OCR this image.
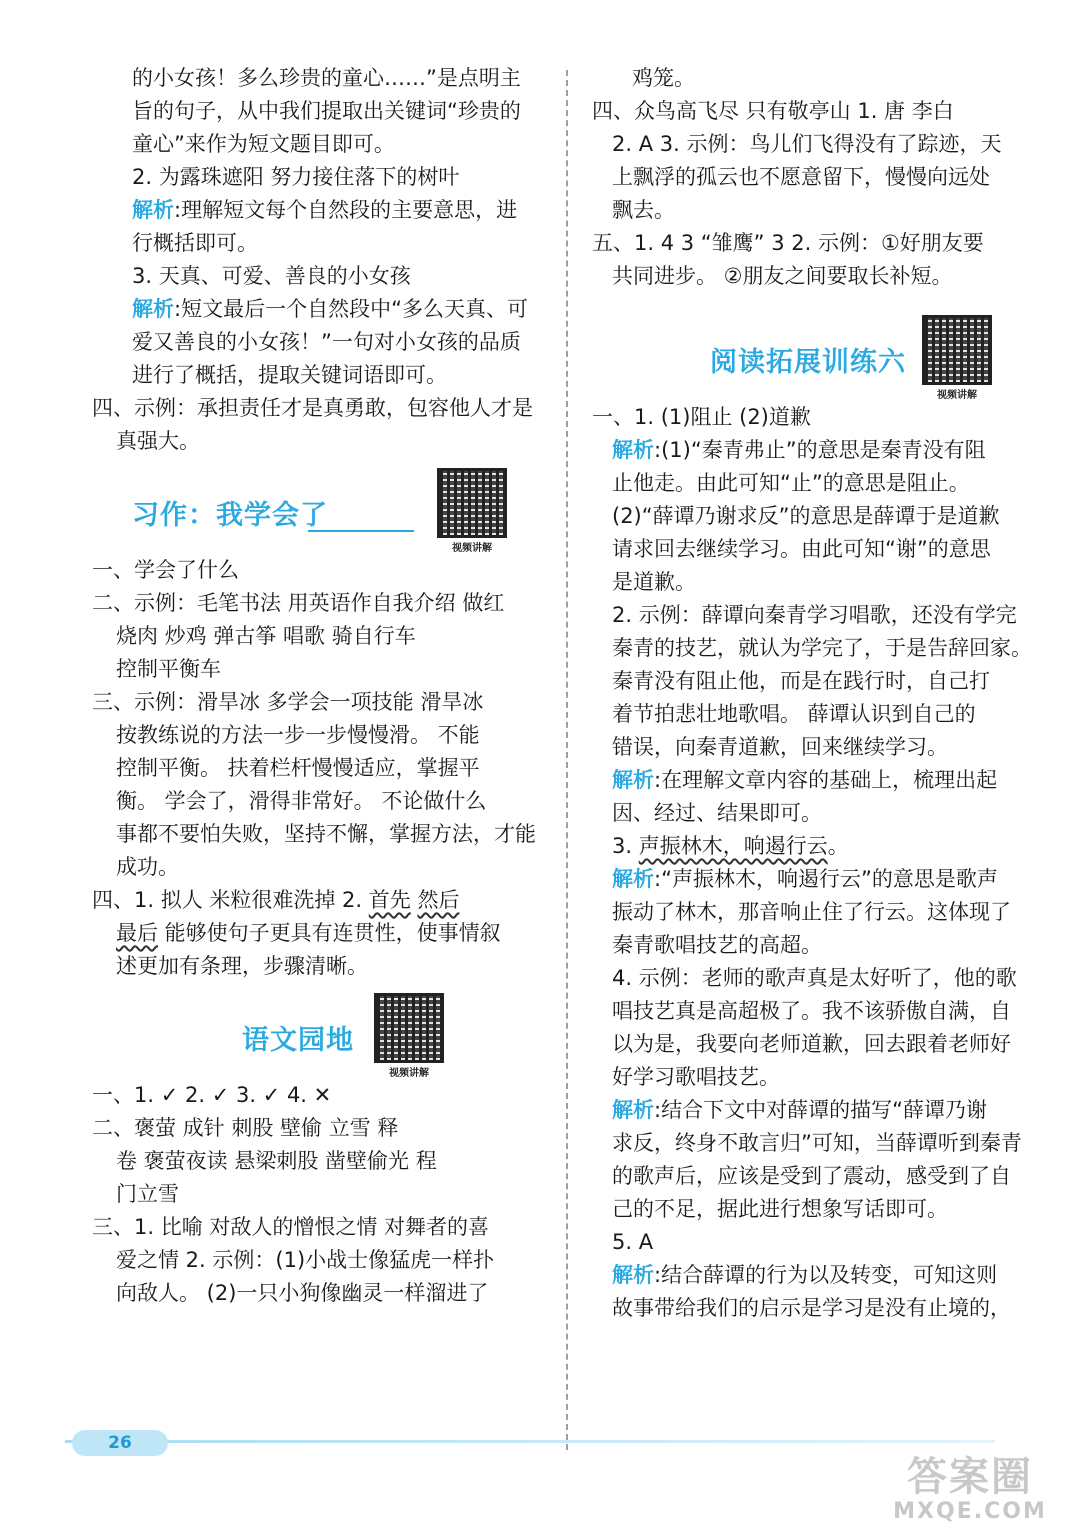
的小女孩！多么珍贵的童心……”是点明主
旨的句子，从中我们提取出关键词“珍贵的
童心”来作为短文题目即可。
2. 为露珠遮阳 努力接住落下的树叶
解析:理解短文每个自然段的主要意思，进
行概括即可。
3. 天真、可爱、善良的小女孩
解析:短文最后一个自然段中“多么天真、可
爱又善良的小女孩！”一句对小女孩的品质
进行了概括，提取关键词语即可。
四、示例：承担责任才是真勇敢，包容他人才是
真强大。
习作：我学会了
视频讲解
一、学会了什么
二、示例：毛笔书法 用英语作自我介绍 做红
烧肉 炒鸡 弹古筝 唱歌 骑自行车
控制平衡车
三、示例：滑旱冰 多学会一项技能 滑旱冰
按教练说的方法一步一步慢慢滑。 不能
控制平衡。 扶着栏杆慢慢适应，掌握平
衡。 学会了，滑得非常好。 不论做什么
事都不要怕失败，坚持不懈，掌握方法，才能
成功。
四、1. 拟人 米粒很难洗掉 2. 首先 然后
最后 能够使句子更具有连贯性，使事情叙
述更加有条理，步骤清晰。
语文园地
视频讲解
一、1. ✓ 2. ✓ 3. ✓ 4. ✕
二、褒萤 成针 刺股 壁偷 立雪 释
卷 褒萤夜读 悬梁刺股 凿壁偷光 程
门立雪
三、1. 比喻 对敌人的憎恨之情 对舞者的喜
爱之情 2. 示例：(1)小战士像猛虎一样扑
向敌人。 (2)一只小狗像幽灵一样溜进了
鸡笼。
四、众鸟高飞尽 只有敬亭山 1. 唐 李白
2. A 3. 示例：鸟儿们飞得没有了踪迹，天
上飘浮的孤云也不愿意留下，慢慢向远处
飘去。
五、1. 4 3 “雏鹰” 3 2. 示例：①好朋友要
共同进步。 ②朋友之间要取长补短。
阅读拓展训练六
视频讲解
一、1. (1)阻止 (2)道歉
解析:(1)“秦青弗止”的意思是秦青没有阻
止他走。由此可知“止”的意思是阻止。
(2)“薛谭乃谢求反”的意思是薛谭于是道歉
请求回去继续学习。由此可知“谢”的意思
是道歉。
2. 示例：薛谭向秦青学习唱歌，还没有学完
秦青的技艺，就认为学完了，于是告辞回家。
秦青没有阻止他，而是在践行时，自己打
着节拍悲壮地歌唱。 薛谭认识到自己的
错误，向秦青道歉，回来继续学习。
解析:在理解文章内容的基础上，梳理出起
因、经过、结果即可。
3. 声振林木，响遏行云。
解析:“声振林木，响遏行云”的意思是歌声
振动了林木，那音响止住了行云。这体现了
秦青歌唱技艺的高超。
4. 示例：老师的歌声真是太好听了，他的歌
唱技艺真是高超极了。我不该骄傲自满，自
以为是，我要向老师道歉，回去跟着老师好
好学习歌唱技艺。
解析:结合下文中对薛谭的描写“薛谭乃谢
求反，终身不敢言归”可知，当薛谭听到秦青
的歌声后，应该是受到了震动，感受到了自
己的不足，据此进行想象写话即可。
5. A
解析:结合薛谭的行为以及转变，可知这则
故事带给我们的启示是学习是没有止境的，
26
答案圈
MXQE.COM
